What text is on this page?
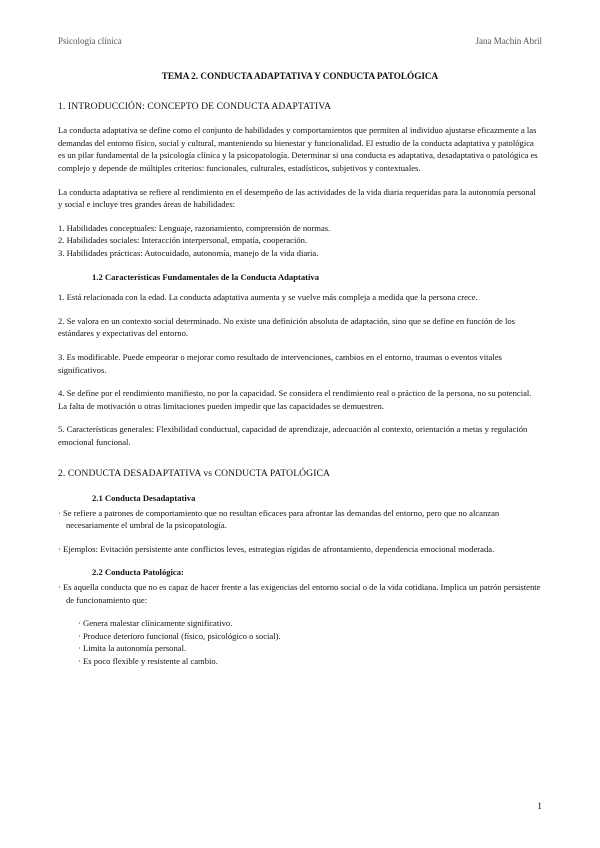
Psicología clínica	Jana Machín Abril
TEMA 2. CONDUCTA ADAPTATIVA Y CONDUCTA PATOLÓGICA
1. INTRODUCCIÓN: CONCEPTO DE CONDUCTA ADAPTATIVA
La conducta adaptativa se define como el conjunto de habilidades y comportamientos que permiten al individuo ajustarse eficazmente a las demandas del entorno físico, social y cultural, manteniendo su bienestar y funcionalidad. El estudio de la conducta adaptativa y patológica es un pilar fundamental de la psicología clínica y la psicopatología. Determinar si una conducta es adaptativa, desadaptativa o patológica es complejo y depende de múltiples criterios: funcionales, culturales, estadísticos, subjetivos y contextuales.
La conducta adaptativa se refiere al rendimiento en el desempeño de las actividades de la vida diaria requeridas para la autonomía personal y social e incluye tres grandes áreas de habilidades:
1. Habilidades conceptuales: Lenguaje, razonamiento, comprensión de normas.
2. Habilidades sociales: Interacción interpersonal, empatía, cooperación.
3. Habilidades prácticas: Autocuidado, autonomía, manejo de la vida diaria.
1.2 Características Fundamentales de la Conducta Adaptativa
1. Está relacionada con la edad. La conducta adaptativa aumenta y se vuelve más compleja a medida que la persona crece.
2. Se valora en un contexto social determinado. No existe una definición absoluta de adaptación, sino que se define en función de los estándares y expectativas del entorno.
3. Es modificable. Puede empeorar o mejorar como resultado de intervenciones, cambios en el entorno, traumas o eventos vitales significativos.
4. Se define por el rendimiento manifiesto, no por la capacidad. Se considera el rendimiento real o práctico de la persona, no su potencial. La falta de motivación u otras limitaciones pueden impedir que las capacidades se demuestren.
5. Características generales: Flexibilidad conductual, capacidad de aprendizaje, adecuación al contexto, orientación a metas y regulación emocional funcional.
2. CONDUCTA DESADAPTATIVA vs CONDUCTA PATOLÓGICA
2.1 Conducta Desadaptativa
· Se refiere a patrones de comportamiento que no resultan eficaces para afrontar las demandas del entorno, pero que no alcanzan necesariamente el umbral de la psicopatología.
· Ejemplos: Evitación persistente ante conflictos leves, estrategias rígidas de afrontamiento, dependencia emocional moderada.
2.2 Conducta Patológica:
· Es aquella conducta que no es capaz de hacer frente a las exigencias del entorno social o de la vida cotidiana. Implica un patrón persistente de funcionamiento que:
· Genera malestar clínicamente significativo.
· Produce deterioro funcional (físico, psicológico o social).
· Limita la autonomía personal.
· Es poco flexible y resistente al cambio.
1
